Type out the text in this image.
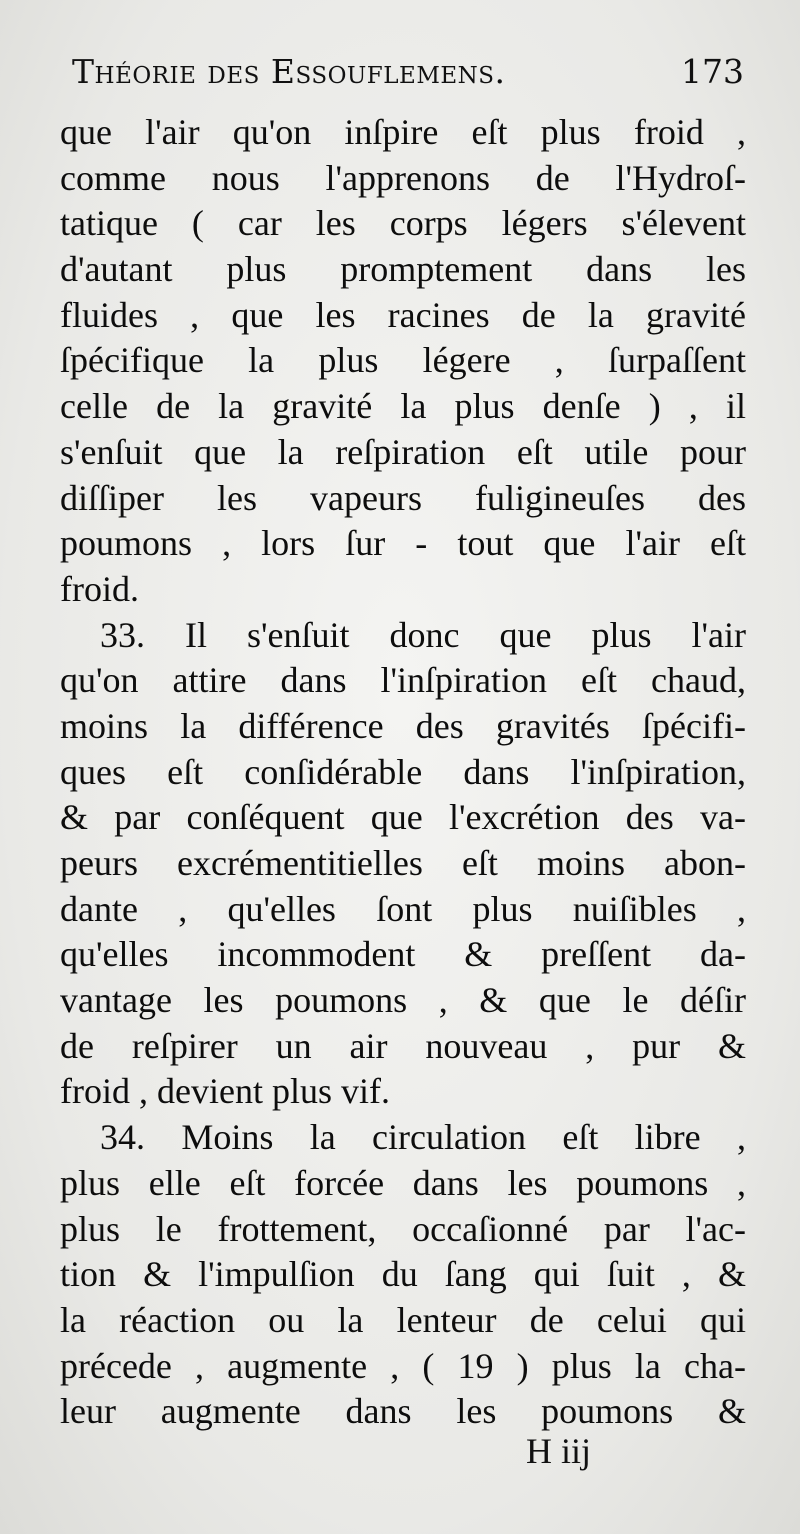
Théorie des Essouflemens.	173
que l'air qu'on inſpire eſt plus froid ,
comme nous l'apprenons de l'Hydroſ-
tatique ( car les corps légers s'élevent
d'autant plus promptement dans les
fluides , que les racines de la gravité
ſpécifique la plus légere , ſurpaſſent
celle de la gravité la plus denſe ) , il
s'enſuit que la reſpiration eſt utile pour
diſſiper les vapeurs fuligineuſes des
poumons , lors ſur - tout que l'air eſt
froid.
33. Il s'enſuit donc que plus l'air
qu'on attire dans l'inſpiration eſt chaud,
moins la différence des gravités ſpécifi-
ques eſt conſidérable dans l'inſpiration,
& par conſéquent que l'excrétion des va-
peurs excrémentitielles eſt moins abon-
dante , qu'elles ſont plus nuiſibles ,
qu'elles incommodent & preſſent da-
vantage les poumons , & que le déſir
de reſpirer un air nouveau , pur &
froid , devient plus vif.
34. Moins la circulation eſt libre ,
plus elle eſt forcée dans les poumons ,
plus le frottement, occaſionné par l'ac-
tion & l'impulſion du ſang qui ſuit , &
la réaction ou la lenteur de celui qui
précede , augmente , ( 19 ) plus la cha-
leur augmente dans les poumons &
H iij
